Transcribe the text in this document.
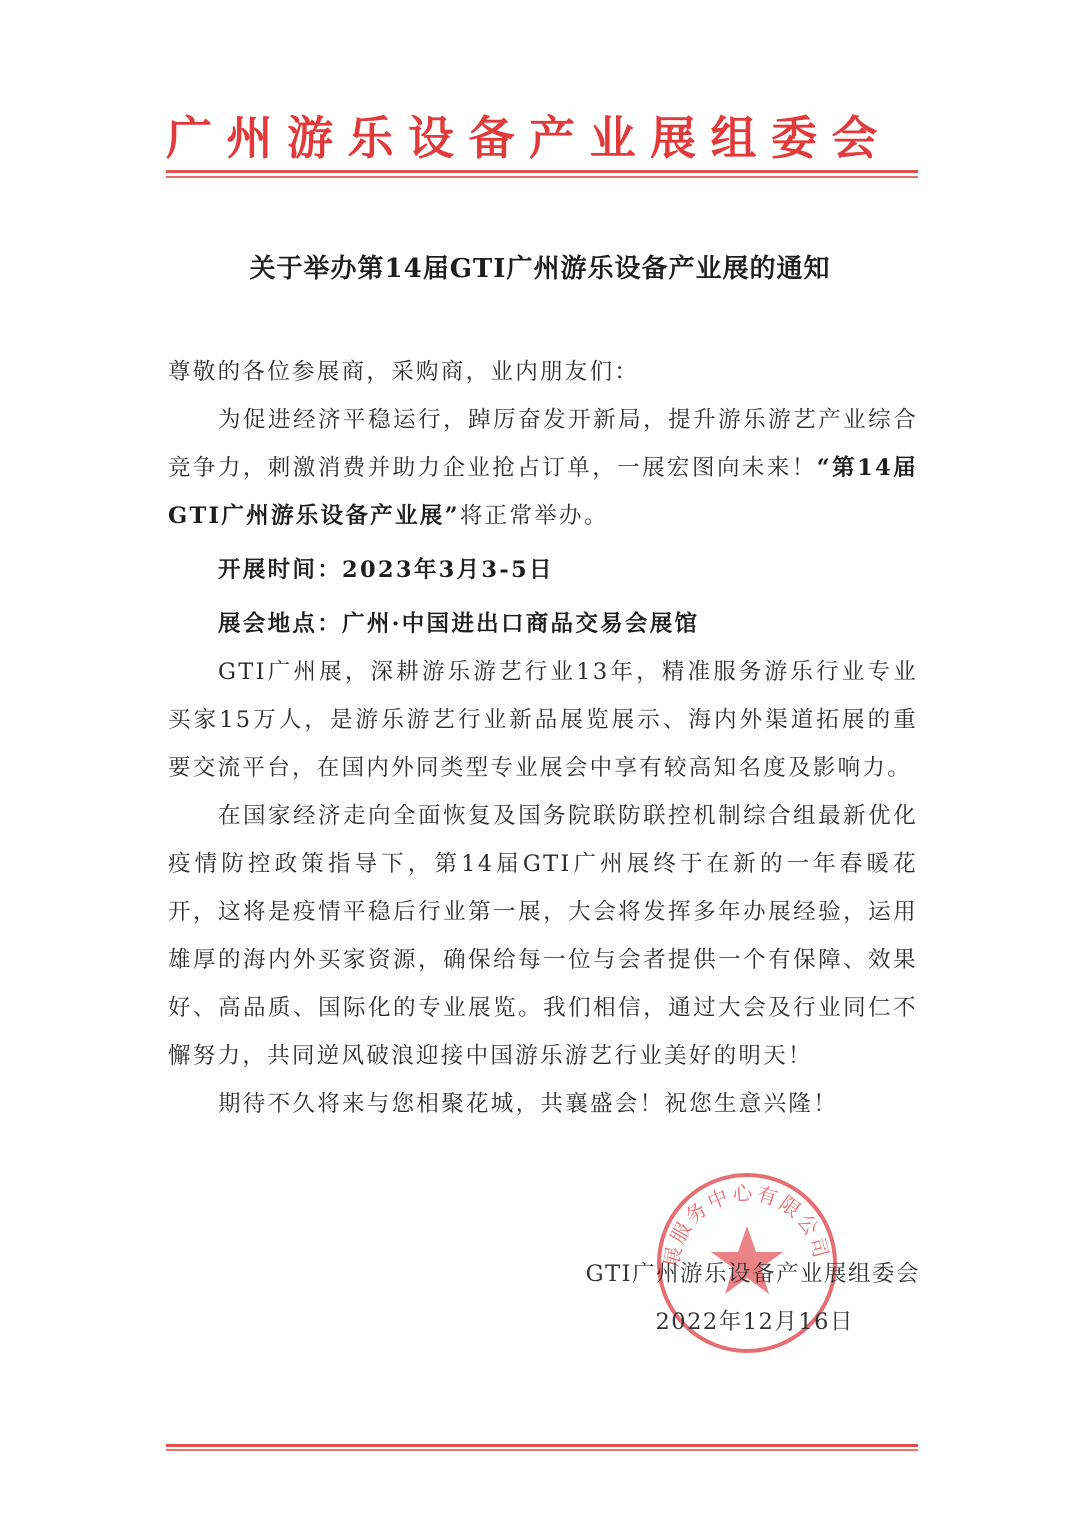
广州游乐设备产业展组委会
关于举办第14届GTI广州游乐设备产业展的通知

尊敬的各位参展商，采购商，业内朋友们：

为促进经济平稳运行，踔厉奋发开新局，提升游乐游艺产业综合竞争力，刺激消费并助力企业抢占订单，一展宏图向未来！“第14届GTI广州游乐设备产业展”将正常举办。

开展时间：2023年3月3-5日

展会地点：广州·中国进出口商品交易会展馆

GTI广州展，深耕游乐游艺行业13年，精准服务游乐行业专业买家15万人，是游乐游艺行业新品展览展示、海内外渠道拓展的重要交流平台，在国内外同类型专业展会中享有较高知名度及影响力。

在国家经济走向全面恢复及国务院联防联控机制综合组最新优化疫情防控政策指导下，第14届GTI广州展终于在新的一年春暖花开，这将是疫情平稳后行业第一展，大会将发挥多年办展经验，运用雄厚的海内外买家资源，确保给每一位与会者提供一个有保障、效果好、高品质、国际化的专业展览。我们相信，通过大会及行业同仁不懈努力，共同逆风破浪迎接中国游乐游艺行业美好的明天！

期待不久将来与您相聚花城，共襄盛会！祝您生意兴隆！

展服务中心有限公司
GTI广州游乐设备产业展组委会
2022年12月16日
